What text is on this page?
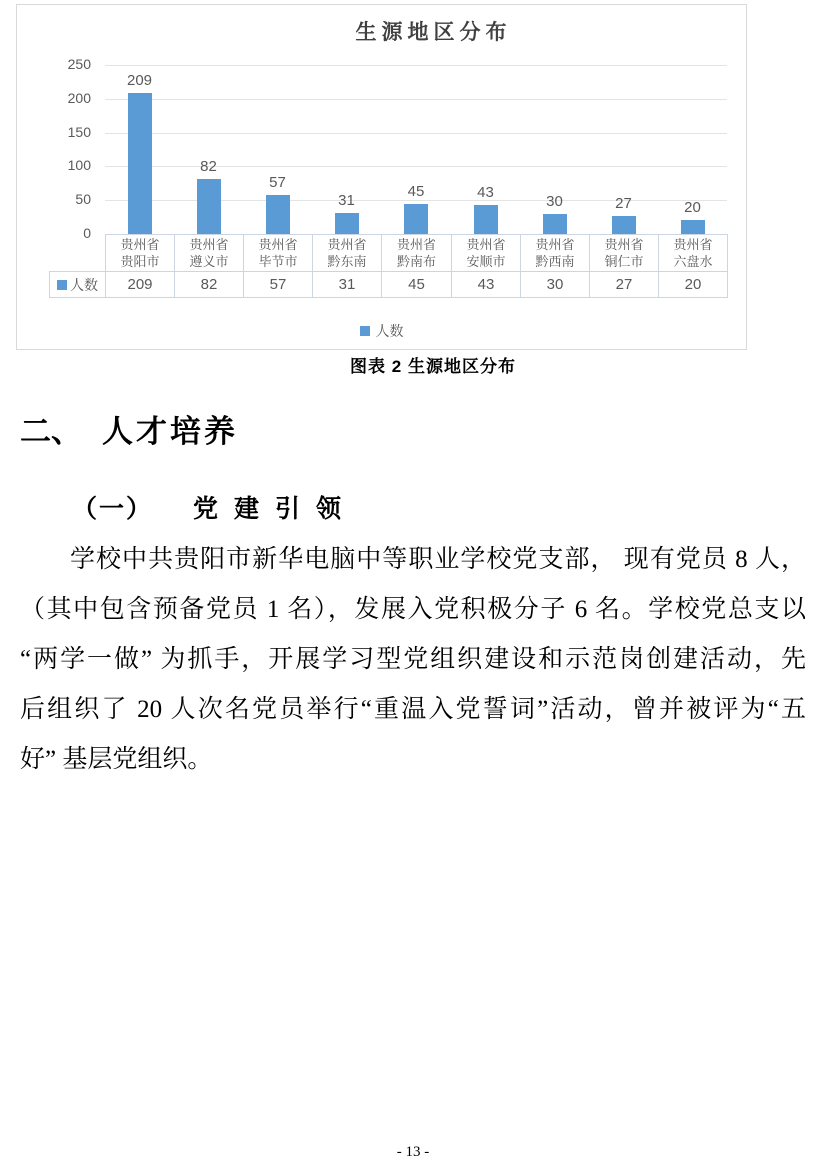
生源地区分布
0
50
100
150
200
250
209
贵州省
贵阳市
209
82
贵州省
遵义市
82
57
贵州省
毕节市
57
31
贵州省
黔东南
31
45
贵州省
黔南布
45
43
贵州省
安顺市
43
30
贵州省
黔西南
30
27
贵州省
铜仁市
27
20
贵州省
六盘水
20
人数
人数
图表 2 生源地区分布
二、 人才培养
（一） 党建引领
学校中共贵阳市新华电脑中等职业学校党支部， 现有党员 8 人，
（其中包含预备党员 1 名），发展入党积极分子 6 名。学校党总支以
“两学一做” 为抓手，开展学习型党组织建设和示范岗创建活动，先
后组织了 20 人次名党员举行“重温入党誓词”活动，曾并被评为“五
好” 基层党组织。
- 13 -
